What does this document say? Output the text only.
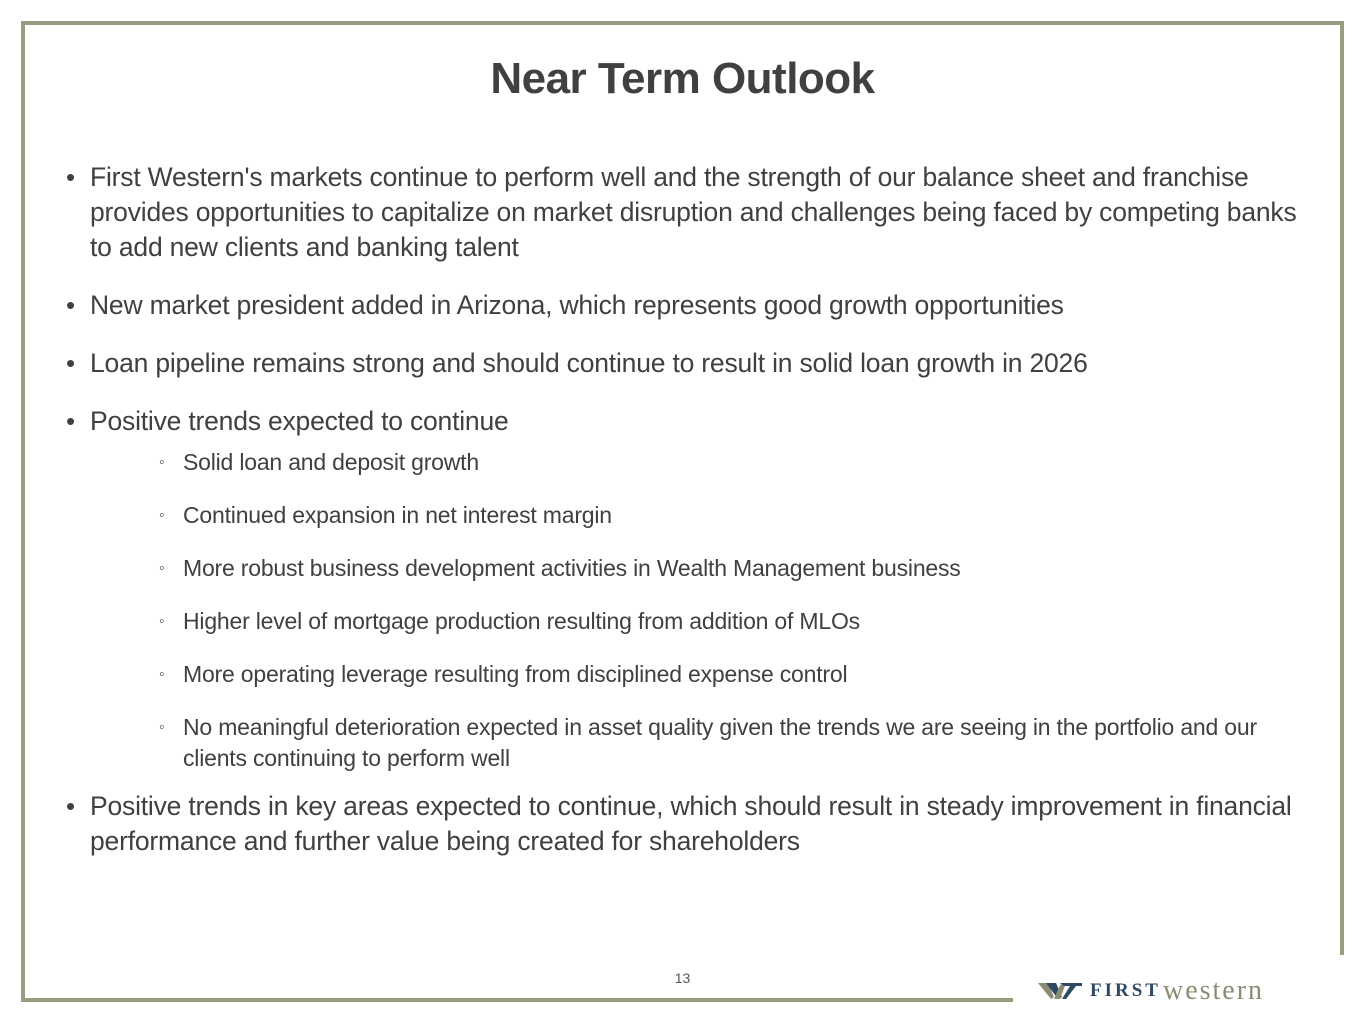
Near Term Outlook
• First Western's markets continue to perform well and the strength of our balance sheet and franchise provides opportunities to capitalize on market disruption and challenges being faced by competing banks to add new clients and banking talent
• New market president added in Arizona, which represents good growth opportunities
• Loan pipeline remains strong and should continue to result in solid loan growth in 2026
• Positive trends expected to continue
◦ Solid loan and deposit growth
◦ Continued expansion in net interest margin
◦ More robust business development activities in Wealth Management business
◦ Higher level of mortgage production resulting from addition of MLOs
◦ More operating leverage resulting from disciplined expense control
◦ No meaningful deterioration expected in asset quality given the trends we are seeing in the portfolio and our clients continuing to perform well
• Positive trends in key areas expected to continue, which should result in steady improvement in financial performance and further value being created for shareholders
13
FIRST western
